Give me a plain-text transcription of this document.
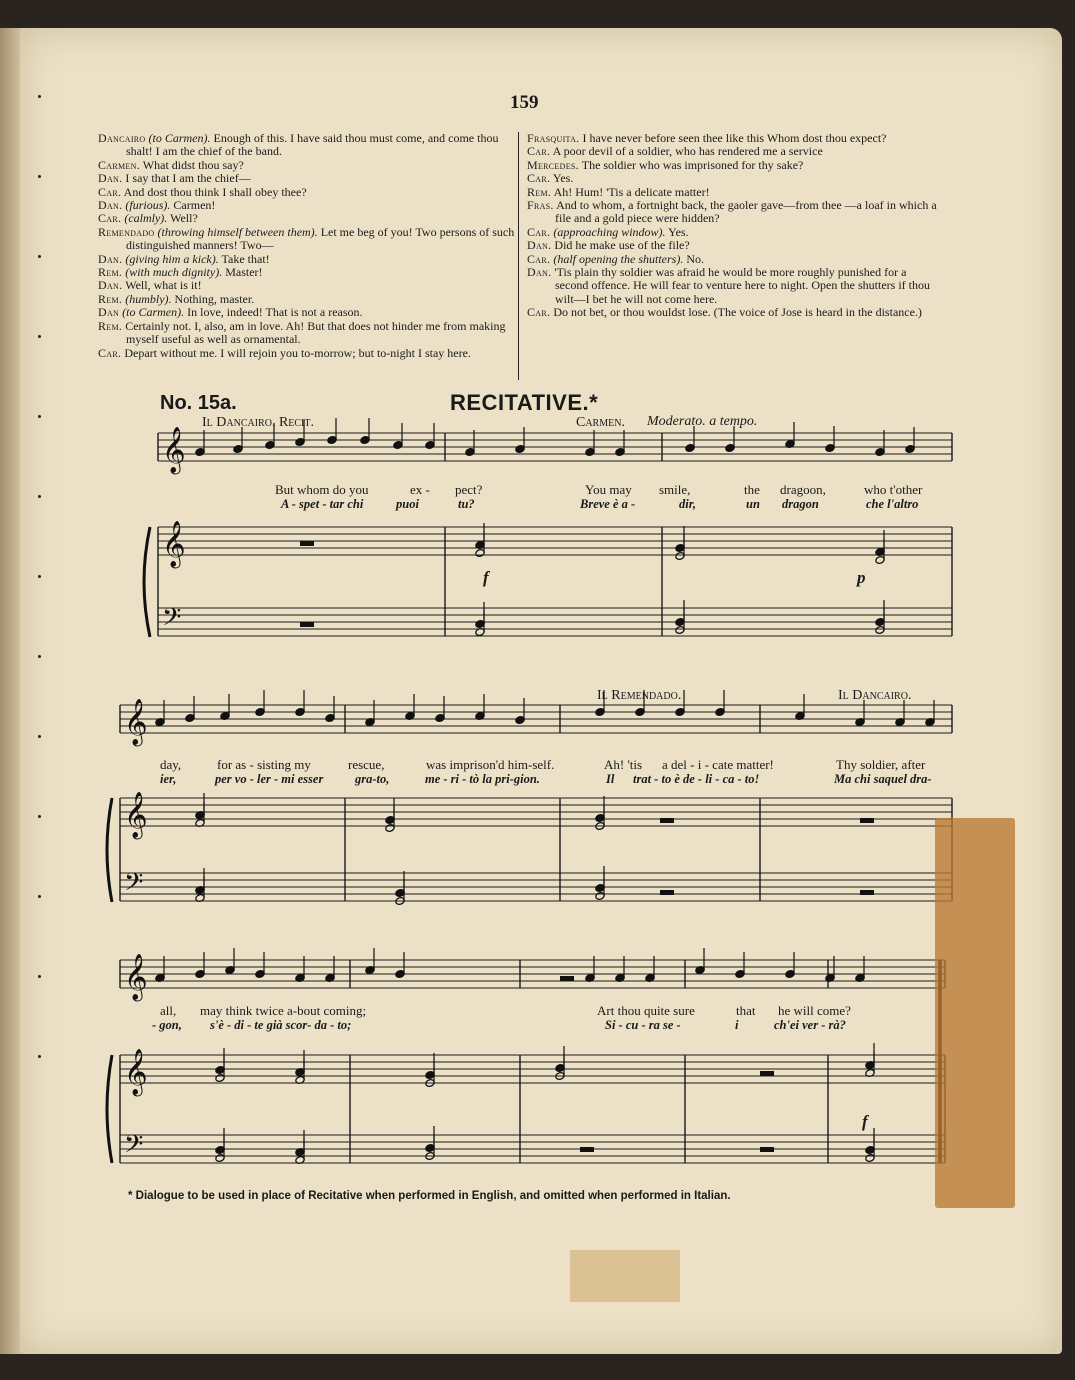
159

Dancairo (to Carmen). Enough of this. I have said thou must come, and come thou shalt! I am the chief of the band.

Carmen. What didst thou say?

Dan. I say that I am the chief—

Car. And dost thou think I shall obey thee?

Dan. (furious). Carmen!

Car. (calmly). Well?

Remendado (throwing himself between them). Let me beg of you! Two persons of such distinguished manners! Two—

Dan. (giving him a kick). Take that!

Rem. (with much dignity). Master!

Dan. Well, what is it!

Rem. (humbly). Nothing, master.

Dan (to Carmen). In love, indeed! That is not a reason.

Rem. Certainly not. I, also, am in love. Ah! But that does not hinder me from making myself useful as well as ornamental.

Car. Depart without me. I will rejoin you to-morrow; but to-night I stay here.

Frasquita. I have never before seen thee like this Whom dost thou expect?

Car. A poor devil of a soldier, who has rendered me a service

Mercedes. The soldier who was imprisoned for thy sake?

Car. Yes.

Rem. Ah! Hum! 'Tis a delicate matter!

Fras. And to whom, a fortnight back, the gaoler gave—from thee —a loaf in which a file and a gold piece were hidden?

Car. (approaching window). Yes.

Dan. Did he make use of the file?

Car. (half opening the shutters). No.

Dan. 'Tis plain thy soldier was afraid he would be more roughly punished for a second offence. He will fear to venture here to night. Open the shutters if thou wilt—I bet he will not come here.

Car. Do not bet, or thou wouldst lose. (The voice of Jose is heard in the distance.)

No. 15a.	RECITATIVE.*
Il Dancairo. Recit.	Carmen. Moderato. a tempo.
Il Remendado.	Il Dancairo.
But whom do you	ex - pect?	You may smile,	the dragoon,	who t'other
A - spet - tar chi	puoi	tu?	Breve è a -	dir,	un dragon	che l'altro
day,	for as - sisting my	rescue,	was imprison'd him-self.	Ah! 'tis a del - i - cate matter!	Thy soldier, after
ier,	per vo - ler - mi esser	gra-to,	me - ri - tò la pri-gion.	Il trat - to è de - li - ca - to!	Ma chi saquel dra-
all, may think twice a-bout coming;	Art thou quite sure	that he will come?
- gon, s'è - di - te già scor- da - to;	Si - cu - ra se -	i	ch'ei ver - rà?
f	p
f
* Dialogue to be used in place of Recitative when performed in English, and omitted when performed in Italian.
𝄞
𝄞
𝄢
𝄞
𝄞
𝄢
𝄞
𝄞
𝄢
